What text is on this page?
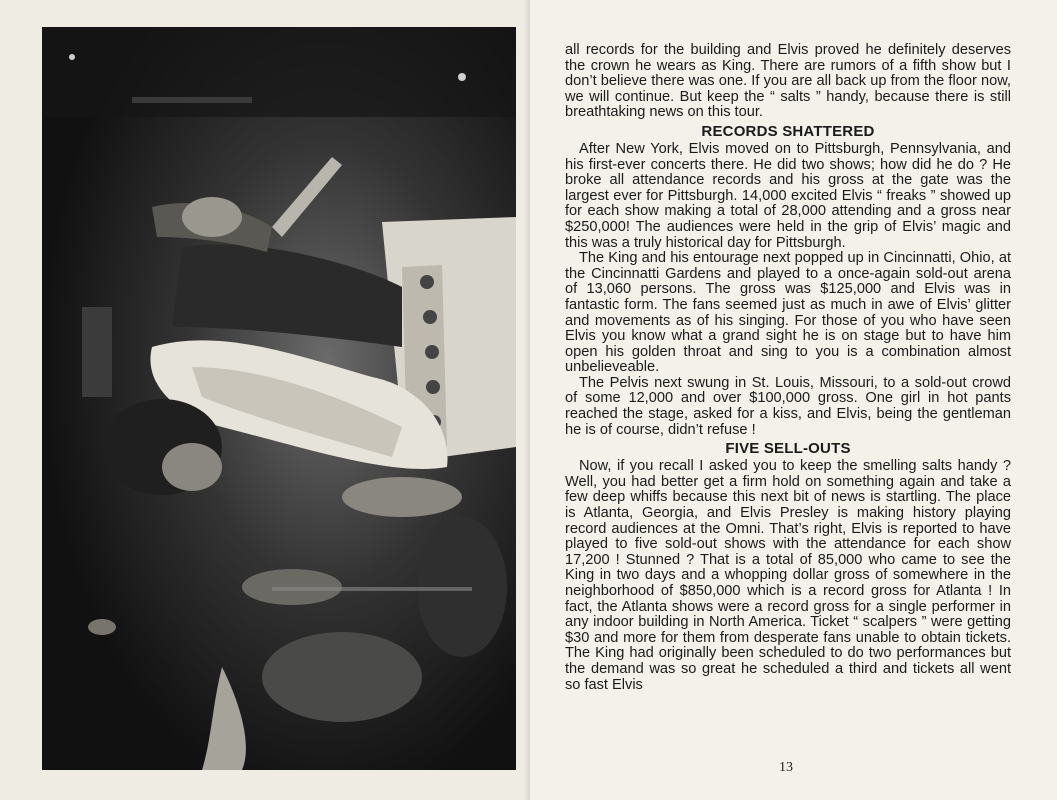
all records for the building and Elvis proved he definitely deserves the crown he wears as King. There are rumors of a fifth show but I don’t believe there was one. If you are all back up from the floor now, we will continue. But keep the “ salts ” handy, because there is still breathtaking news on this tour.

RECORDS SHATTERED

After New York, Elvis moved on to Pittsburgh, Pennsylvania, and his first-ever concerts there. He did two shows; how did he do ? He broke all attendance records and his gross at the gate was the largest ever for Pittsburgh. 14,000 excited Elvis “ freaks ” showed up for each show making a total of 28,000 attending and a gross near $250,000! The audiences were held in the grip of Elvis’ magic and this was a truly historical day for Pittsburgh.

The King and his entourage next popped up in Cincinnatti, Ohio, at the Cincinnatti Gardens and played to a once-again sold-out arena of 13,060 persons. The gross was $125,000 and Elvis was in fantastic form. The fans seemed just as much in awe of Elvis’ glitter and movements as of his singing. For those of you who have seen Elvis you know what a grand sight he is on stage but to have him open his golden throat and sing to you is a combination almost unbelieveable.

The Pelvis next swung in St. Louis, Missouri, to a sold-out crowd of some 12,000 and over $100,000 gross. One girl in hot pants reached the stage, asked for a kiss, and Elvis, being the gentleman he is of course, didn’t refuse !

FIVE SELL-OUTS

Now, if you recall I asked you to keep the smelling salts handy ? Well, you had better get a firm hold on something again and take a few deep whiffs because this next bit of news is startling. The place is Atlanta, Georgia, and Elvis Presley is making history playing record audiences at the Omni. That’s right, Elvis is reported to have played to five sold-out shows with the attendance for each show 17,200 ! Stunned ? That is a total of 85,000 who came to see the King in two days and a whopping dollar gross of somewhere in the neighborhood of $850,000 which is a record gross for Atlanta ! In fact, the Atlanta shows were a record gross for a single performer in any indoor building in North America. Ticket “ scalpers ” were getting $30 and more for them from desperate fans unable to obtain tickets. The King had originally been scheduled to do two performances but the demand was so great he scheduled a third and tickets all went so fast Elvis

13
